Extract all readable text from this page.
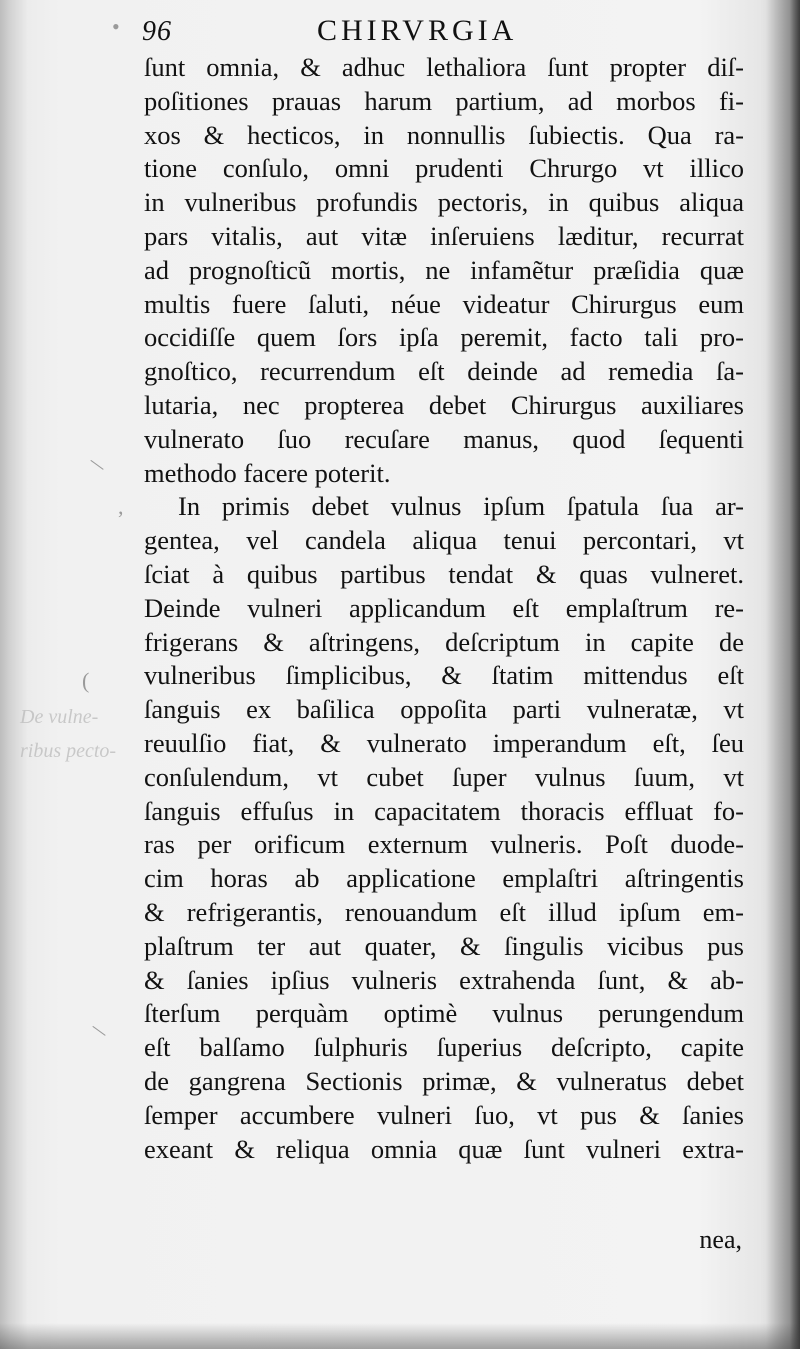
•
\
,
(
\
De vulne-
ribus pecto-
96	CHIRVRGIA
ſunt omnia, & adhuc lethaliora ſunt propter diſ-
poſitiones prauas harum partium, ad morbos fi-
xos & hecticos, in nonnullis ſubiectis. Qua ra-
tione conſulo, omni prudenti Chrurgo vt illico
in vulneribus profundis pectoris, in quibus aliqua
pars vitalis, aut vitæ inſeruiens læditur, recurrat
ad prognoſticũ mortis, ne infamẽtur præſidia quæ
multis fuere ſaluti, néue videatur Chirurgus eum
occidiſſe quem ſors ipſa peremit, facto tali pro-
gnoſtico, recurrendum eſt deinde ad remedia ſa-
lutaria, nec propterea debet Chirurgus auxiliares
vulnerato ſuo recuſare manus, quod ſequenti
methodo facere poterit.
In primis debet vulnus ipſum ſpatula ſua ar-
gentea, vel candela aliqua tenui percontari, vt
ſciat à quibus partibus tendat & quas vulneret.
Deinde vulneri applicandum eſt emplaſtrum re-
frigerans & aſtringens, deſcriptum in capite de
vulneribus ſimplicibus, & ſtatim mittendus eſt
ſanguis ex baſilica oppoſita parti vulneratæ, vt
reuulſio fiat, & vulnerato imperandum eſt, ſeu
conſulendum, vt cubet ſuper vulnus ſuum, vt
ſanguis effuſus in capacitatem thoracis effluat fo-
ras per orificum externum vulneris. Poſt duode-
cim horas ab applicatione emplaſtri aſtringentis
& refrigerantis, renouandum eſt illud ipſum em-
plaſtrum ter aut quater, & ſingulis vicibus pus
& ſanies ipſius vulneris extrahenda ſunt, & ab-
ſterſum perquàm optimè vulnus perungendum
eſt balſamo ſulphuris ſuperius deſcripto, capite
de gangrena Sectionis primæ, & vulneratus debet
ſemper accumbere vulneri ſuo, vt pus & ſanies
exeant & reliqua omnia quæ ſunt vulneri extra-
nea,
